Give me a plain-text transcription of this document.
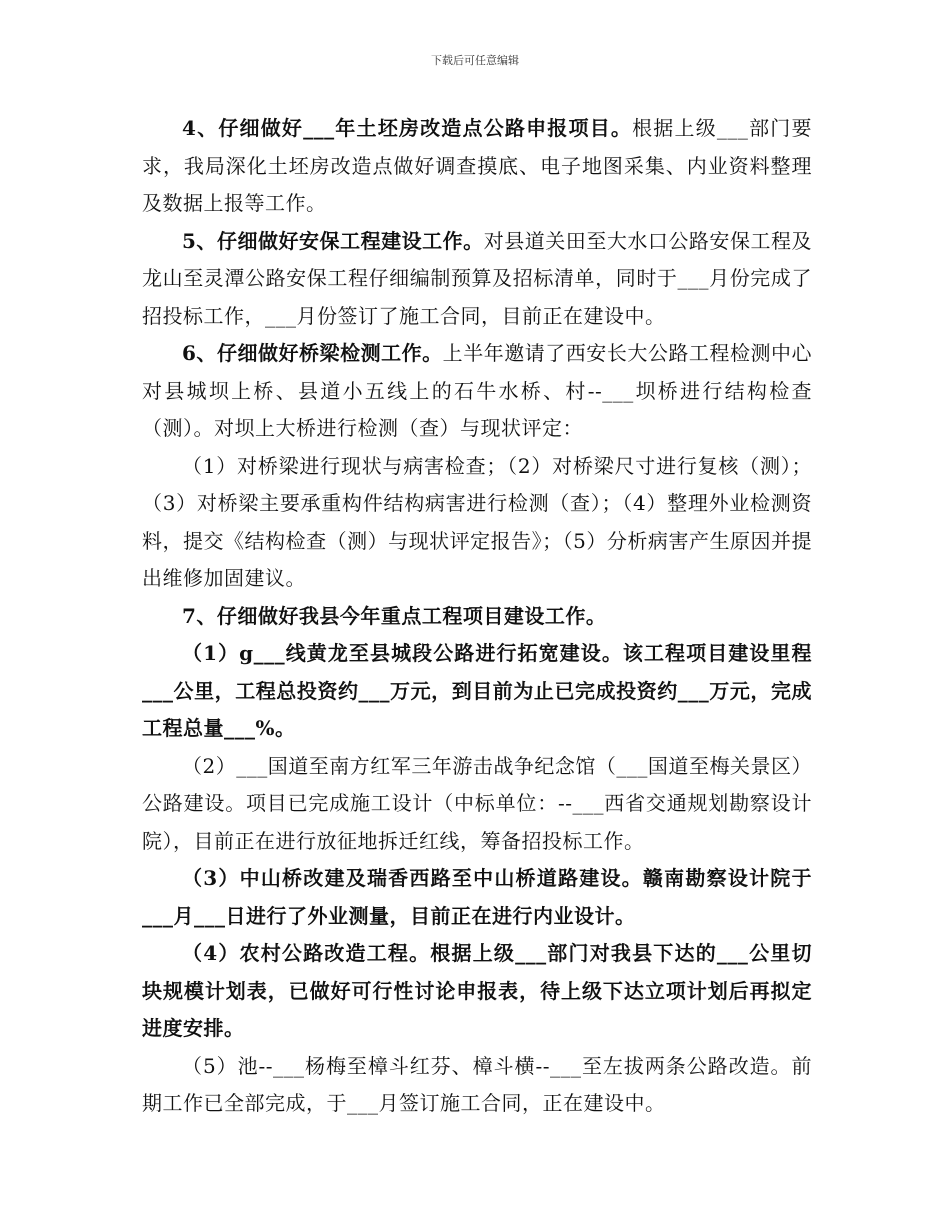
下载后可任意编辑

4、仔细做好___年土坯房改造点公路申报项目。根据上级___部门要求，我局深化土坯房改造点做好调查摸底、电子地图采集、内业资料整理及数据上报等工作。

5、仔细做好安保工程建设工作。对县道关田至大水口公路安保工程及龙山至灵潭公路安保工程仔细编制预算及招标清单，同时于___月份完成了招投标工作，___月份签订了施工合同，目前正在建设中。

6、仔细做好桥梁检测工作。上半年邀请了西安长大公路工程检测中心对县城坝上桥、县道小五线上的石牛水桥、村--___坝桥进行结构检查（测）。对坝上大桥进行检测（查）与现状评定：

（1）对桥梁进行现状与病害检查；（2）对桥梁尺寸进行复核（测）；（3）对桥梁主要承重构件结构病害进行检测（查）；（4）整理外业检测资料，提交《结构检查（测）与现状评定报告》；（5）分析病害产生原因并提出维修加固建议。

7、仔细做好我县今年重点工程项目建设工作。

（1）g___线黄龙至县城段公路进行拓宽建设。该工程项目建设里程___公里，工程总投资约___万元，到目前为止已完成投资约___万元，完成工程总量___%。

（2）___国道至南方红军三年游击战争纪念馆（___国道至梅关景区）公路建设。项目已完成施工设计（中标单位：--___西省交通规划勘察设计院），目前正在进行放征地拆迁红线，筹备招投标工作。

（3）中山桥改建及瑞香西路至中山桥道路建设。赣南勘察设计院于___月___日进行了外业测量，目前正在进行内业设计。

（4）农村公路改造工程。根据上级___部门对我县下达的___公里切块规模计划表，已做好可行性讨论申报表，待上级下达立项计划后再拟定进度安排。

（5）池--___杨梅至樟斗红芬、樟斗横--___至左拔两条公路改造。前期工作已全部完成，于___月签订施工合同，正在建设中。
